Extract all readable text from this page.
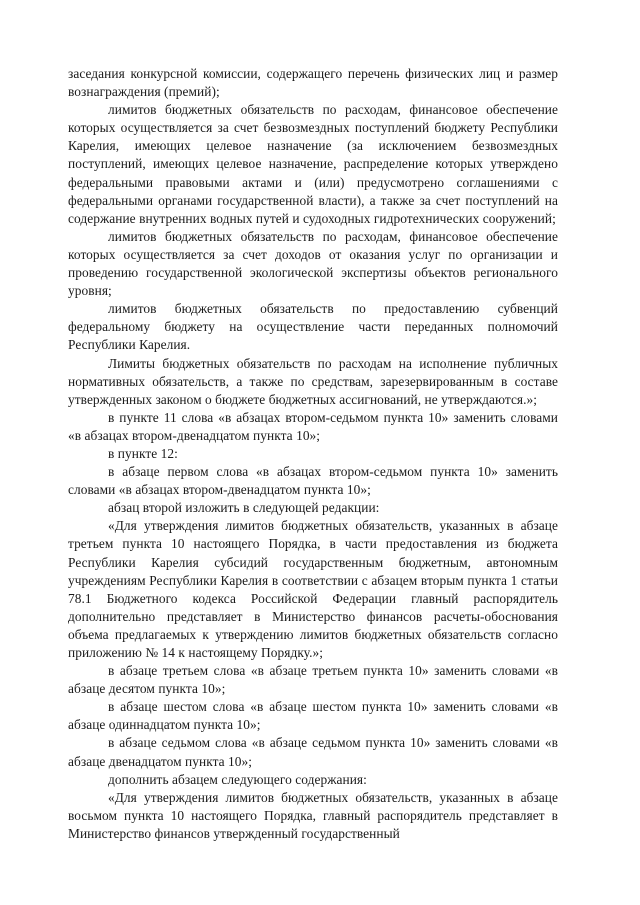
заседания конкурсной комиссии, содержащего перечень физических лиц и размер вознаграждения (премий);

лимитов бюджетных обязательств по расходам, финансовое обеспечение которых осуществляется за счет безвозмездных поступлений бюджету Республики Карелия, имеющих целевое назначение (за исключением безвозмездных поступлений, имеющих целевое назначение, распределение которых утверждено федеральными правовыми актами и (или) предусмотрено соглашениями с федеральными органами государственной власти), а также за счет поступлений на содержание внутренних водных путей и судоходных гидротехнических сооружений;

лимитов бюджетных обязательств по расходам, финансовое обеспечение которых осуществляется за счет доходов от оказания услуг по организации и проведению государственной экологической экспертизы объектов регионального уровня;

лимитов бюджетных обязательств по предоставлению субвенций федеральному бюджету на осуществление части переданных полномочий Республики Карелия.

Лимиты бюджетных обязательств по расходам на исполнение публичных нормативных обязательств, а также по средствам, зарезервированным в составе утвержденных законом о бюджете бюджетных ассигнований, не утверждаются.»;

в пункте 11 слова «в абзацах втором-седьмом пункта 10» заменить словами «в абзацах втором-двенадцатом пункта 10»;

в пункте 12:

в абзаце первом слова «в абзацах втором-седьмом пункта 10» заменить словами «в абзацах втором-двенадцатом пункта 10»;

абзац второй изложить в следующей редакции:

«Для утверждения лимитов бюджетных обязательств, указанных в абзаце третьем пункта 10 настоящего Порядка, в части предоставления из бюджета Республики Карелия субсидий государственным бюджетным, автономным учреждениям Республики Карелия в соответствии с абзацем вторым пункта 1 статьи 78.1 Бюджетного кодекса Российской Федерации главный распорядитель дополнительно представляет в Министерство финансов расчеты-обоснования объема предлагаемых к утверждению лимитов бюджетных обязательств согласно приложению № 14 к настоящему Порядку.»;

в абзаце третьем слова «в абзаце третьем пункта 10» заменить словами «в абзаце десятом пункта 10»;

в абзаце шестом слова «в абзаце шестом пункта 10» заменить словами «в абзаце одиннадцатом пункта 10»;

в абзаце седьмом слова «в абзаце седьмом пункта 10» заменить словами «в абзаце двенадцатом пункта 10»;

дополнить абзацем следующего содержания:

«Для утверждения лимитов бюджетных обязательств, указанных в абзаце восьмом пункта 10 настоящего Порядка, главный распорядитель представляет в Министерство финансов утвержденный государственный
